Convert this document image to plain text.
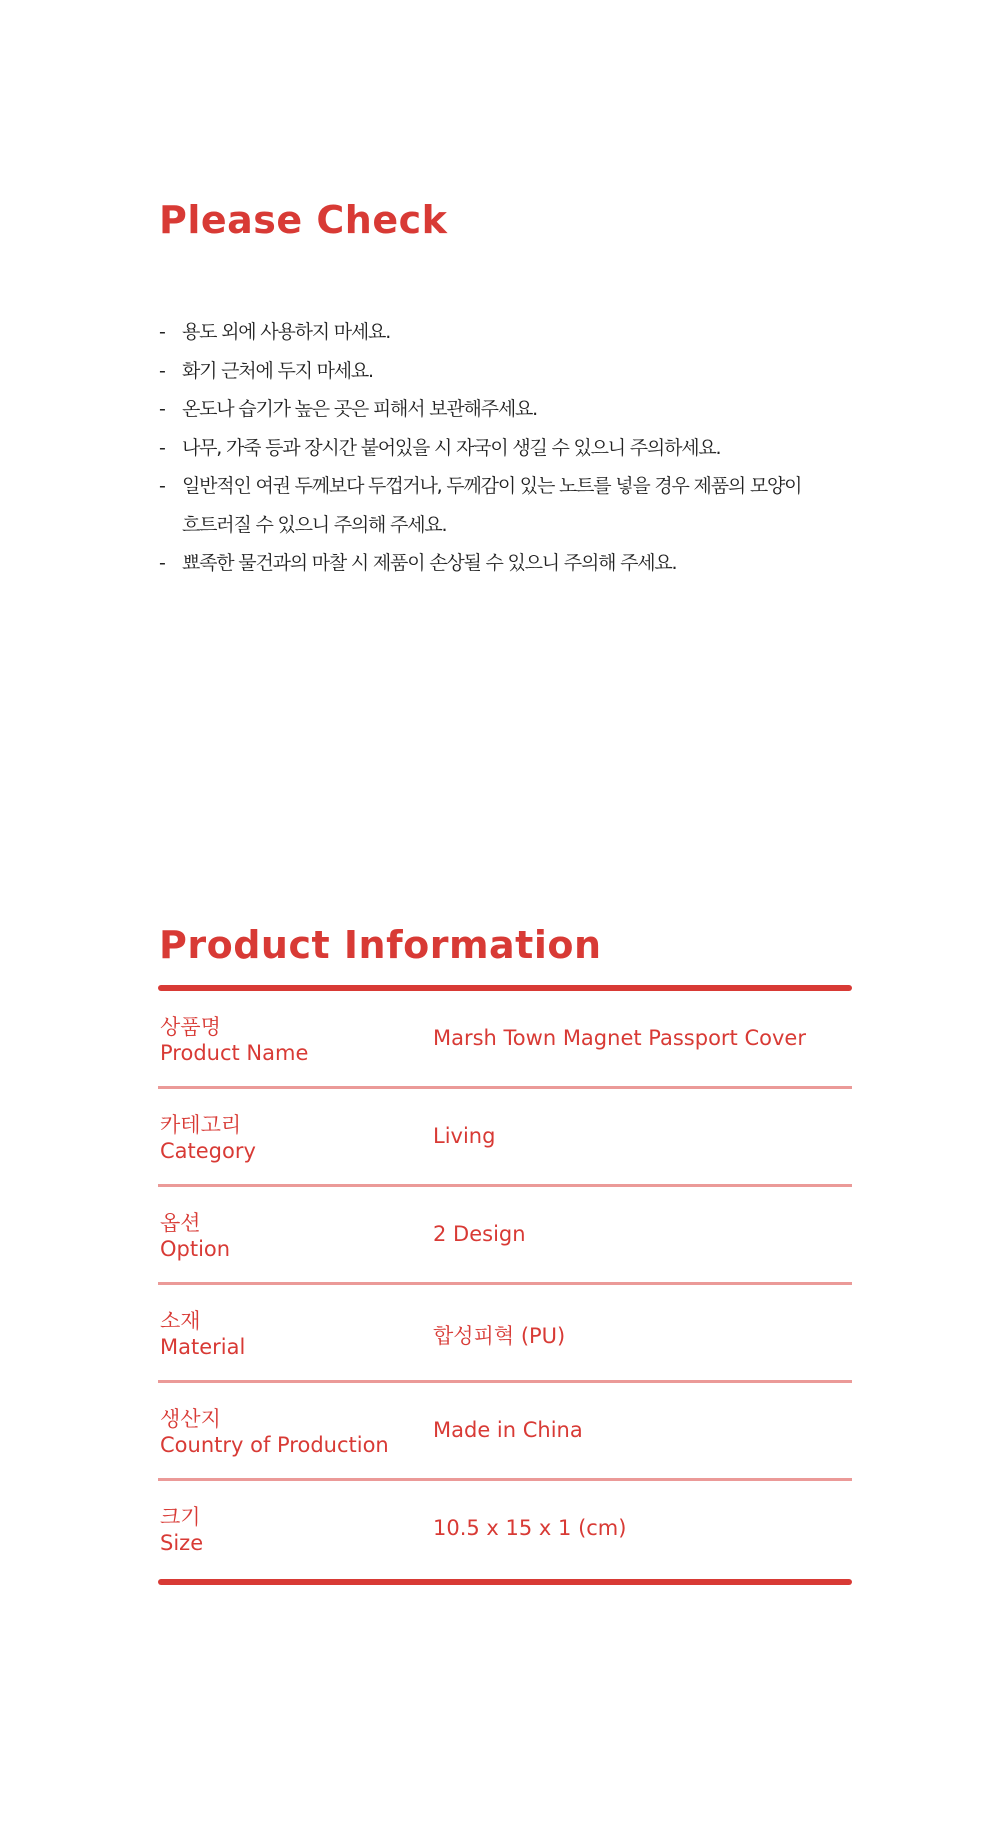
Please Check
- 용도 외에 사용하지 마세요.
- 화기 근처에 두지 마세요.
- 온도나 습기가 높은 곳은 피해서 보관해주세요.
- 나무, 가죽 등과 장시간 붙어있을 시 자국이 생길 수 있으니 주의하세요.
- 일반적인 여권 두께보다 두껍거나, 두께감이 있는 노트를 넣을 경우 제품의 모양이
흐트러질 수 있으니 주의해 주세요.
- 뾰족한 물건과의 마찰 시 제품이 손상될 수 있으니 주의해 주세요.
Product Information
상품명
Product Name
Marsh Town Magnet Passport Cover
카테고리
Category
Living
옵션
Option
2 Design
소재
Material	합성피혁 (PU)
생산지
Country of Production
Made in China
크기
Size
10.5 x 15 x 1 (cm)
